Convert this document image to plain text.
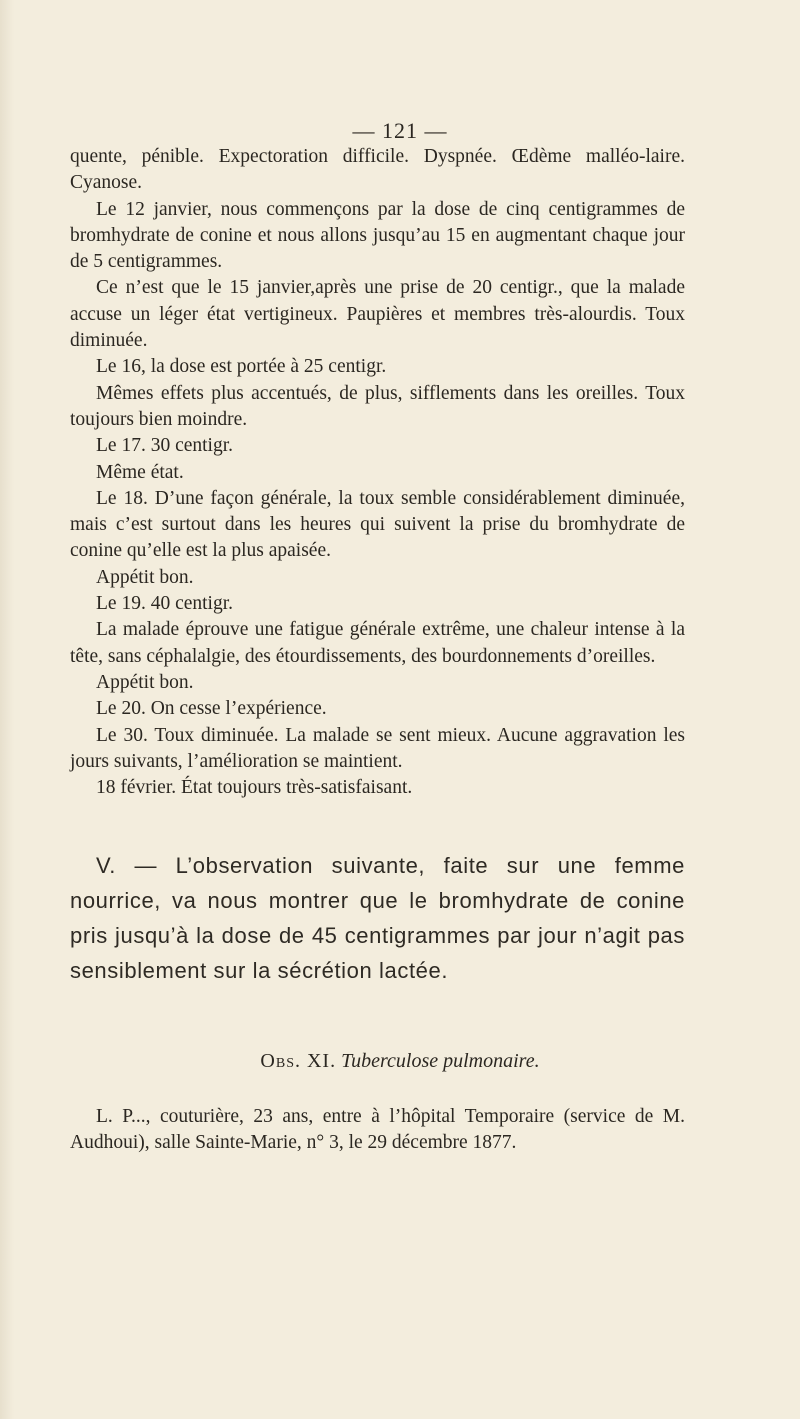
— 121 —

quente, pénible. Expectoration difficile. Dyspnée. Œdème malléo-laire. Cyanose.

Le 12 janvier, nous commençons par la dose de cinq centigrammes de bromhydrate de conine et nous allons jusqu’au 15 en augmentant chaque jour de 5 centigrammes.

Ce n’est que le 15 janvier,après une prise de 20 centigr., que la malade accuse un léger état vertigineux. Paupières et membres très-alourdis. Toux diminuée.

Le 16, la dose est portée à 25 centigr.

Mêmes effets plus accentués, de plus, sifflements dans les oreilles. Toux toujours bien moindre.

Le 17. 30 centigr.

Même état.

Le 18. D’une façon générale, la toux semble considérablement diminuée, mais c’est surtout dans les heures qui suivent la prise du bromhydrate de conine qu’elle est la plus apaisée.

Appétit bon.

Le 19. 40 centigr.

La malade éprouve une fatigue générale extrême, une chaleur intense à la tête, sans céphalalgie, des étourdissements, des bourdonnements d’oreilles.

Appétit bon.

Le 20. On cesse l’expérience.

Le 30. Toux diminuée. La malade se sent mieux. Aucune aggravation les jours suivants, l’amélioration se maintient.

18 février. État toujours très-satisfaisant.

V. — L’observation suivante, faite sur une femme nourrice, va nous montrer que le bromhydrate de conine pris jusqu’à la dose de 45 centigrammes par jour n’agit pas sensiblement sur la sécrétion lactée.

Obs. XI. Tuberculose pulmonaire.

L. P..., couturière, 23 ans, entre à l’hôpital Temporaire (service de M. Audhoui), salle Sainte-Marie, n° 3, le 29 décembre 1877.
